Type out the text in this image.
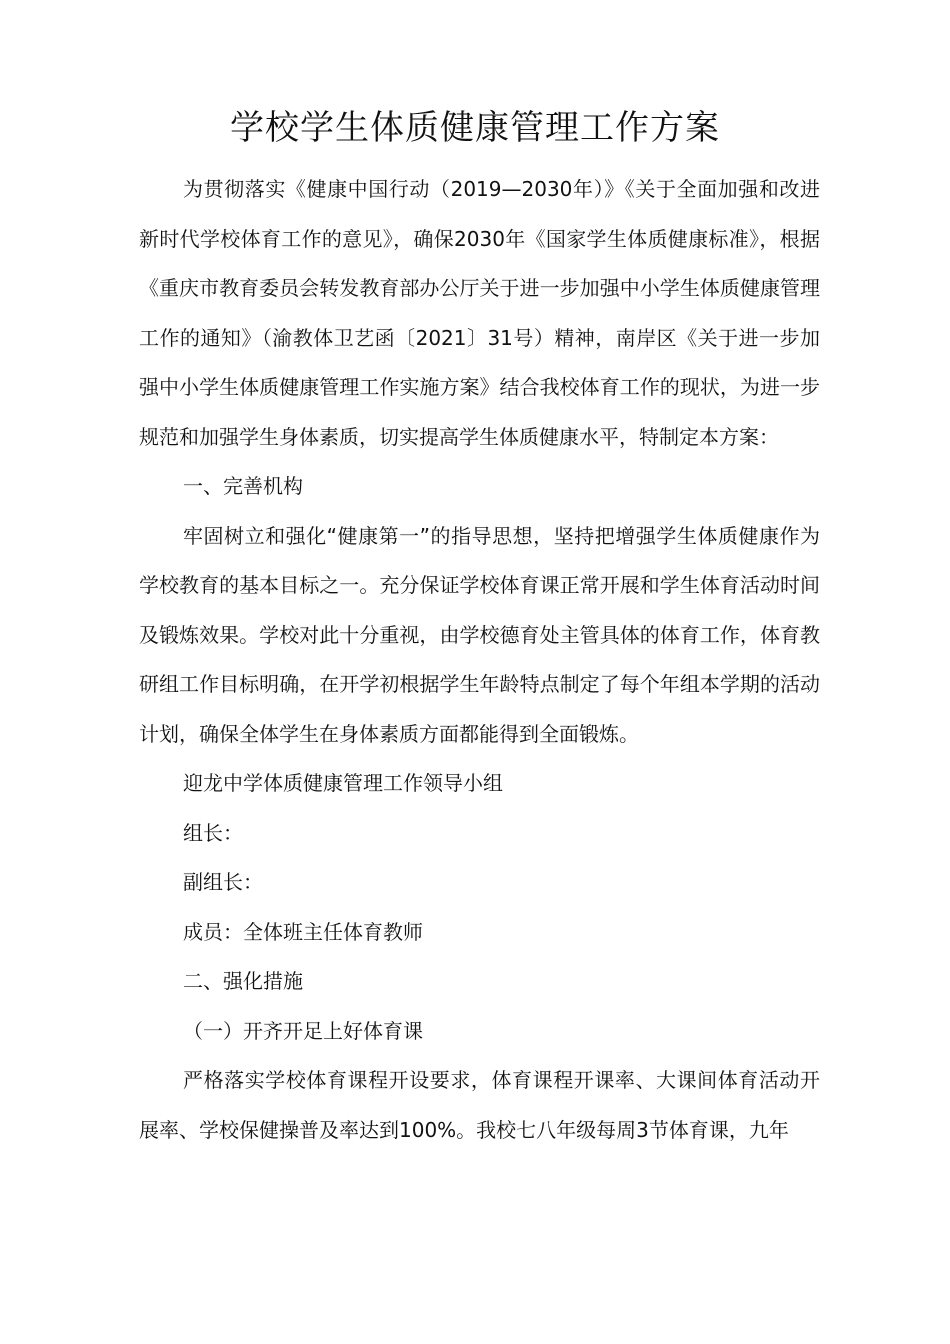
学校学生体质健康管理工作方案

为贯彻落实《健康中国行动（2019—2030年）》《关于全面加强和改进新时代学校体育工作的意见》，确保2030年《国家学生体质健康标准》，根据《重庆市教育委员会转发教育部办公厅关于进一步加强中小学生体质健康管理工作的通知》（渝教体卫艺函〔2021〕31号）精神，南岸区《关于进一步加强中小学生体质健康管理工作实施方案》结合我校体育工作的现状，为进一步规范和加强学生身体素质，切实提高学生体质健康水平，特制定本方案：

一、完善机构

牢固树立和强化“健康第一”的指导思想，坚持把增强学生体质健康作为学校教育的基本目标之一。充分保证学校体育课正常开展和学生体育活动时间及锻炼效果。学校对此十分重视，由学校德育处主管具体的体育工作，体育教研组工作目标明确，在开学初根据学生年龄特点制定了每个年组本学期的活动计划，确保全体学生在身体素质方面都能得到全面锻炼。

迎龙中学体质健康管理工作领导小组

组长：

副组长：

成员：全体班主任体育教师

二、强化措施

（一）开齐开足上好体育课

严格落实学校体育课程开设要求，体育课程开课率、大课间体育活动开展率、学校保健操普及率达到100%。我校七八年级每周3节体育课，九年
